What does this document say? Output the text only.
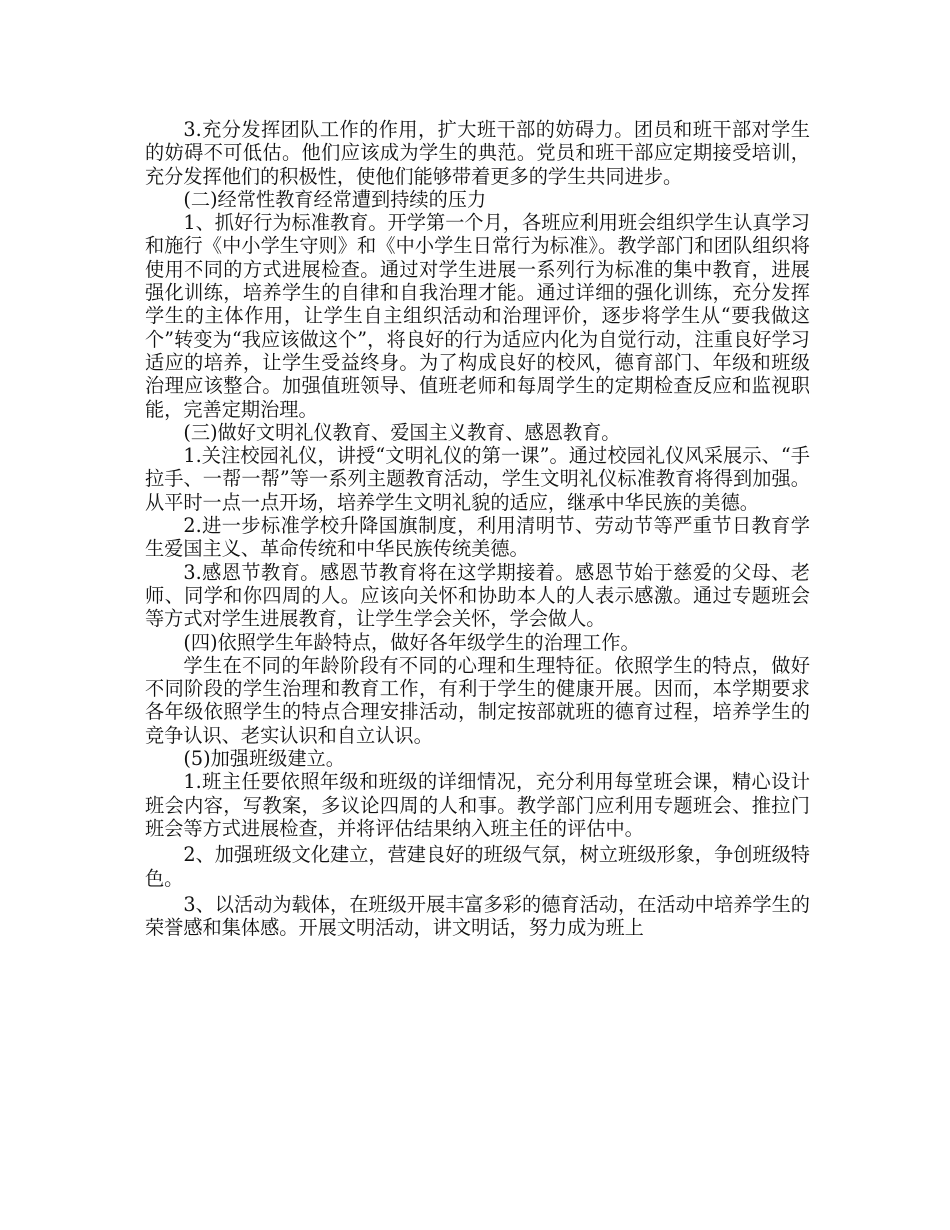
3.充分发挥团队工作的作用，扩大班干部的妨碍力。团员和班干部对学生的妨碍不可低估。他们应该成为学生的典范。党员和班干部应定期接受培训，充分发挥他们的积极性，使他们能够带着更多的学生共同进步。

(二)经常性教育经常遭到持续的压力

1、抓好行为标准教育。开学第一个月，各班应利用班会组织学生认真学习和施行《中小学生守则》和《中小学生日常行为标准》。教学部门和团队组织将使用不同的方式进展检查。通过对学生进展一系列行为标准的集中教育，进展强化训练，培养学生的自律和自我治理才能。通过详细的强化训练，充分发挥学生的主体作用，让学生自主组织活动和治理评价，逐步将学生从“要我做这个”转变为“我应该做这个”，将良好的行为适应内化为自觉行动，注重良好学习适应的培养，让学生受益终身。为了构成良好的校风，德育部门、年级和班级治理应该整合。加强值班领导、值班老师和每周学生的定期检查反应和监视职能，完善定期治理。

(三)做好文明礼仪教育、爱国主义教育、感恩教育。

1.关注校园礼仪，讲授“文明礼仪的第一课”。通过校园礼仪风采展示、“手拉手、一帮一帮”等一系列主题教育活动，学生文明礼仪标准教育将得到加强。从平时一点一点开场，培养学生文明礼貌的适应，继承中华民族的美德。

2.进一步标准学校升降国旗制度，利用清明节、劳动节等严重节日教育学生爱国主义、革命传统和中华民族传统美德。

3.感恩节教育。感恩节教育将在这学期接着。感恩节始于慈爱的父母、老师、同学和你四周的人。应该向关怀和协助本人的人表示感激。通过专题班会等方式对学生进展教育，让学生学会关怀，学会做人。

(四)依照学生年龄特点，做好各年级学生的治理工作。

学生在不同的年龄阶段有不同的心理和生理特征。依照学生的特点，做好不同阶段的学生治理和教育工作，有利于学生的健康开展。因而，本学期要求各年级依照学生的特点合理安排活动，制定按部就班的德育过程，培养学生的竞争认识、老实认识和自立认识。

(5)加强班级建立。

1.班主任要依照年级和班级的详细情况，充分利用每堂班会课，精心设计班会内容，写教案，多议论四周的人和事。教学部门应利用专题班会、推拉门班会等方式进展检查，并将评估结果纳入班主任的评估中。

2、加强班级文化建立，营建良好的班级气氛，树立班级形象，争创班级特色。

3、以活动为载体，在班级开展丰富多彩的德育活动，在活动中培养学生的荣誉感和集体感。开展文明活动，讲文明话，努力成为班上
